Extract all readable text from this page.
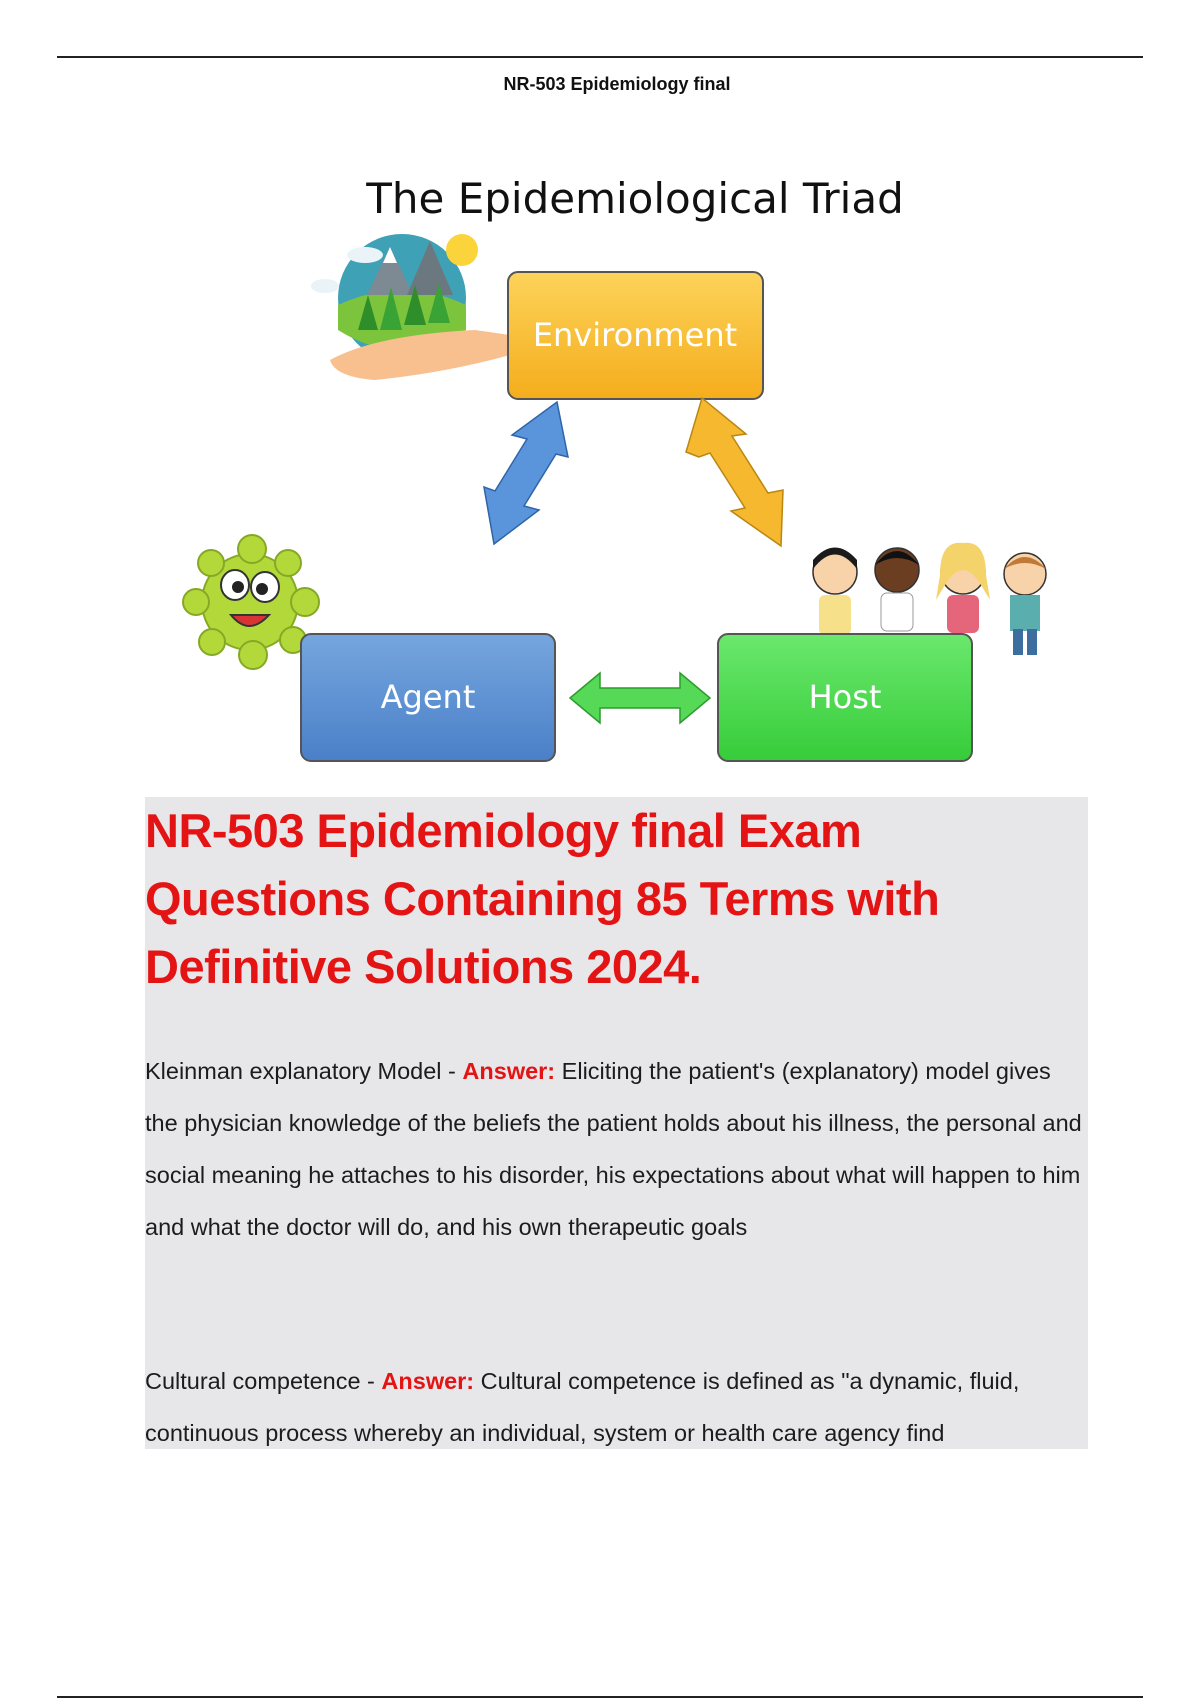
NR-503 Epidemiology final
The Epidemiological Triad
Environment
Agent	Host
NR-503 Epidemiology final Exam Questions Containing 85 Terms with Definitive Solutions 2024.

Kleinman explanatory Model - Answer: Eliciting the patient's (explanatory) model gives the physician knowledge of the beliefs the patient holds about his illness, the personal and social meaning he attaches to his disorder, his expectations about what will happen to him and what the doctor will do, and his own therapeutic goals

Cultural competence - Answer: Cultural competence is defined as "a dynamic, fluid, continuous process whereby an individual, system or health care agency find
